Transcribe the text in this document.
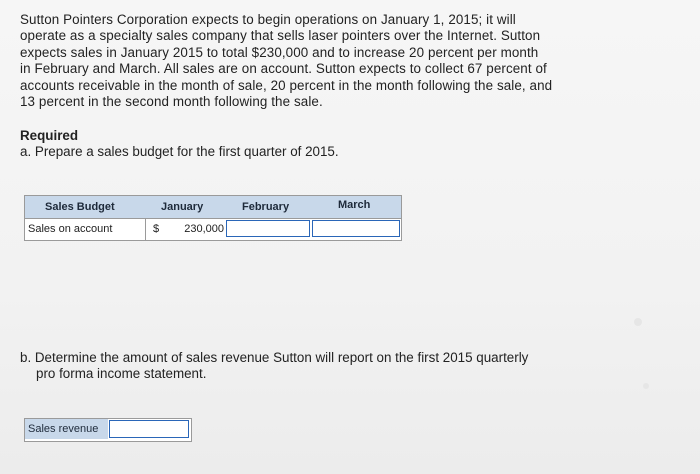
Sutton Pointers Corporation expects to begin operations on January 1, 2015; it will
operate as a specialty sales company that sells laser pointers over the Internet. Sutton
expects sales in January 2015 to total $230,000 and to increase 20 percent per month
in February and March. All sales are on account. Sutton expects to collect 67 percent of
accounts receivable in the month of sale, 20 percent in the month following the sale, and
13 percent in the second month following the sale.
Required
a. Prepare a sales budget for the first quarter of 2015.
Sales Budget	January	February	March
Sales on account	$	230,000
b. Determine the amount of sales revenue Sutton will report on the first 2015 quarterly
pro forma income statement.
Sales revenue
